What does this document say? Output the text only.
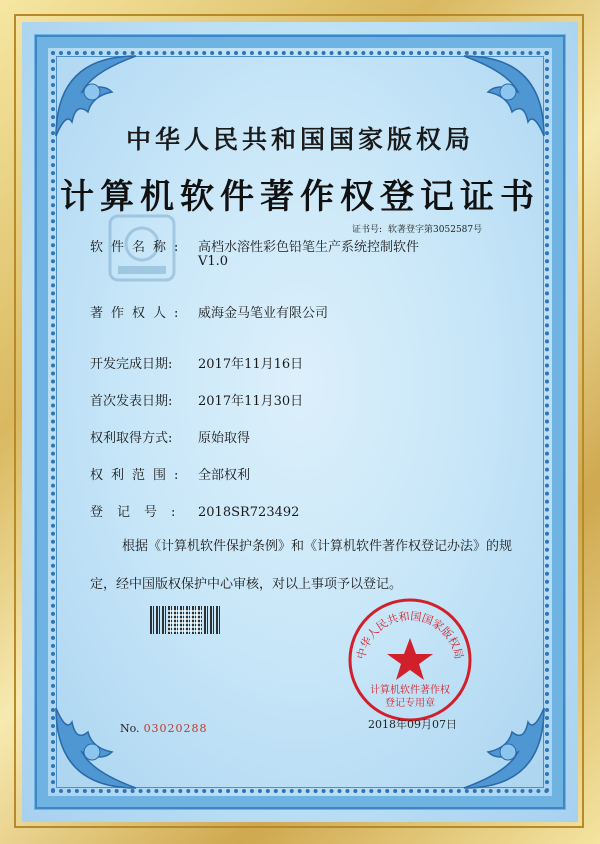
中华人民共和国国家版权局
计算机软件著作权登记证书
证书号: 软著登字第3052587号
软件名称: 高档水溶性彩色铅笔生产系统控制软件
V1.0
著作权人: 威海金马笔业有限公司
开发完成日期: 2017年11月16日
首次发表日期: 2017年11月30日
权利取得方式: 原始取得
权利范围: 全部权利
登记号: 2018SR723492
根据《计算机软件保护条例》和《计算机软件著作权登记办法》的规定，经中国版权保护中心审核，对以上事项予以登记。
No. 03020288
中华人民共和国国家版权局
计算机软件著作权
登记专用章
2018年09月07日
